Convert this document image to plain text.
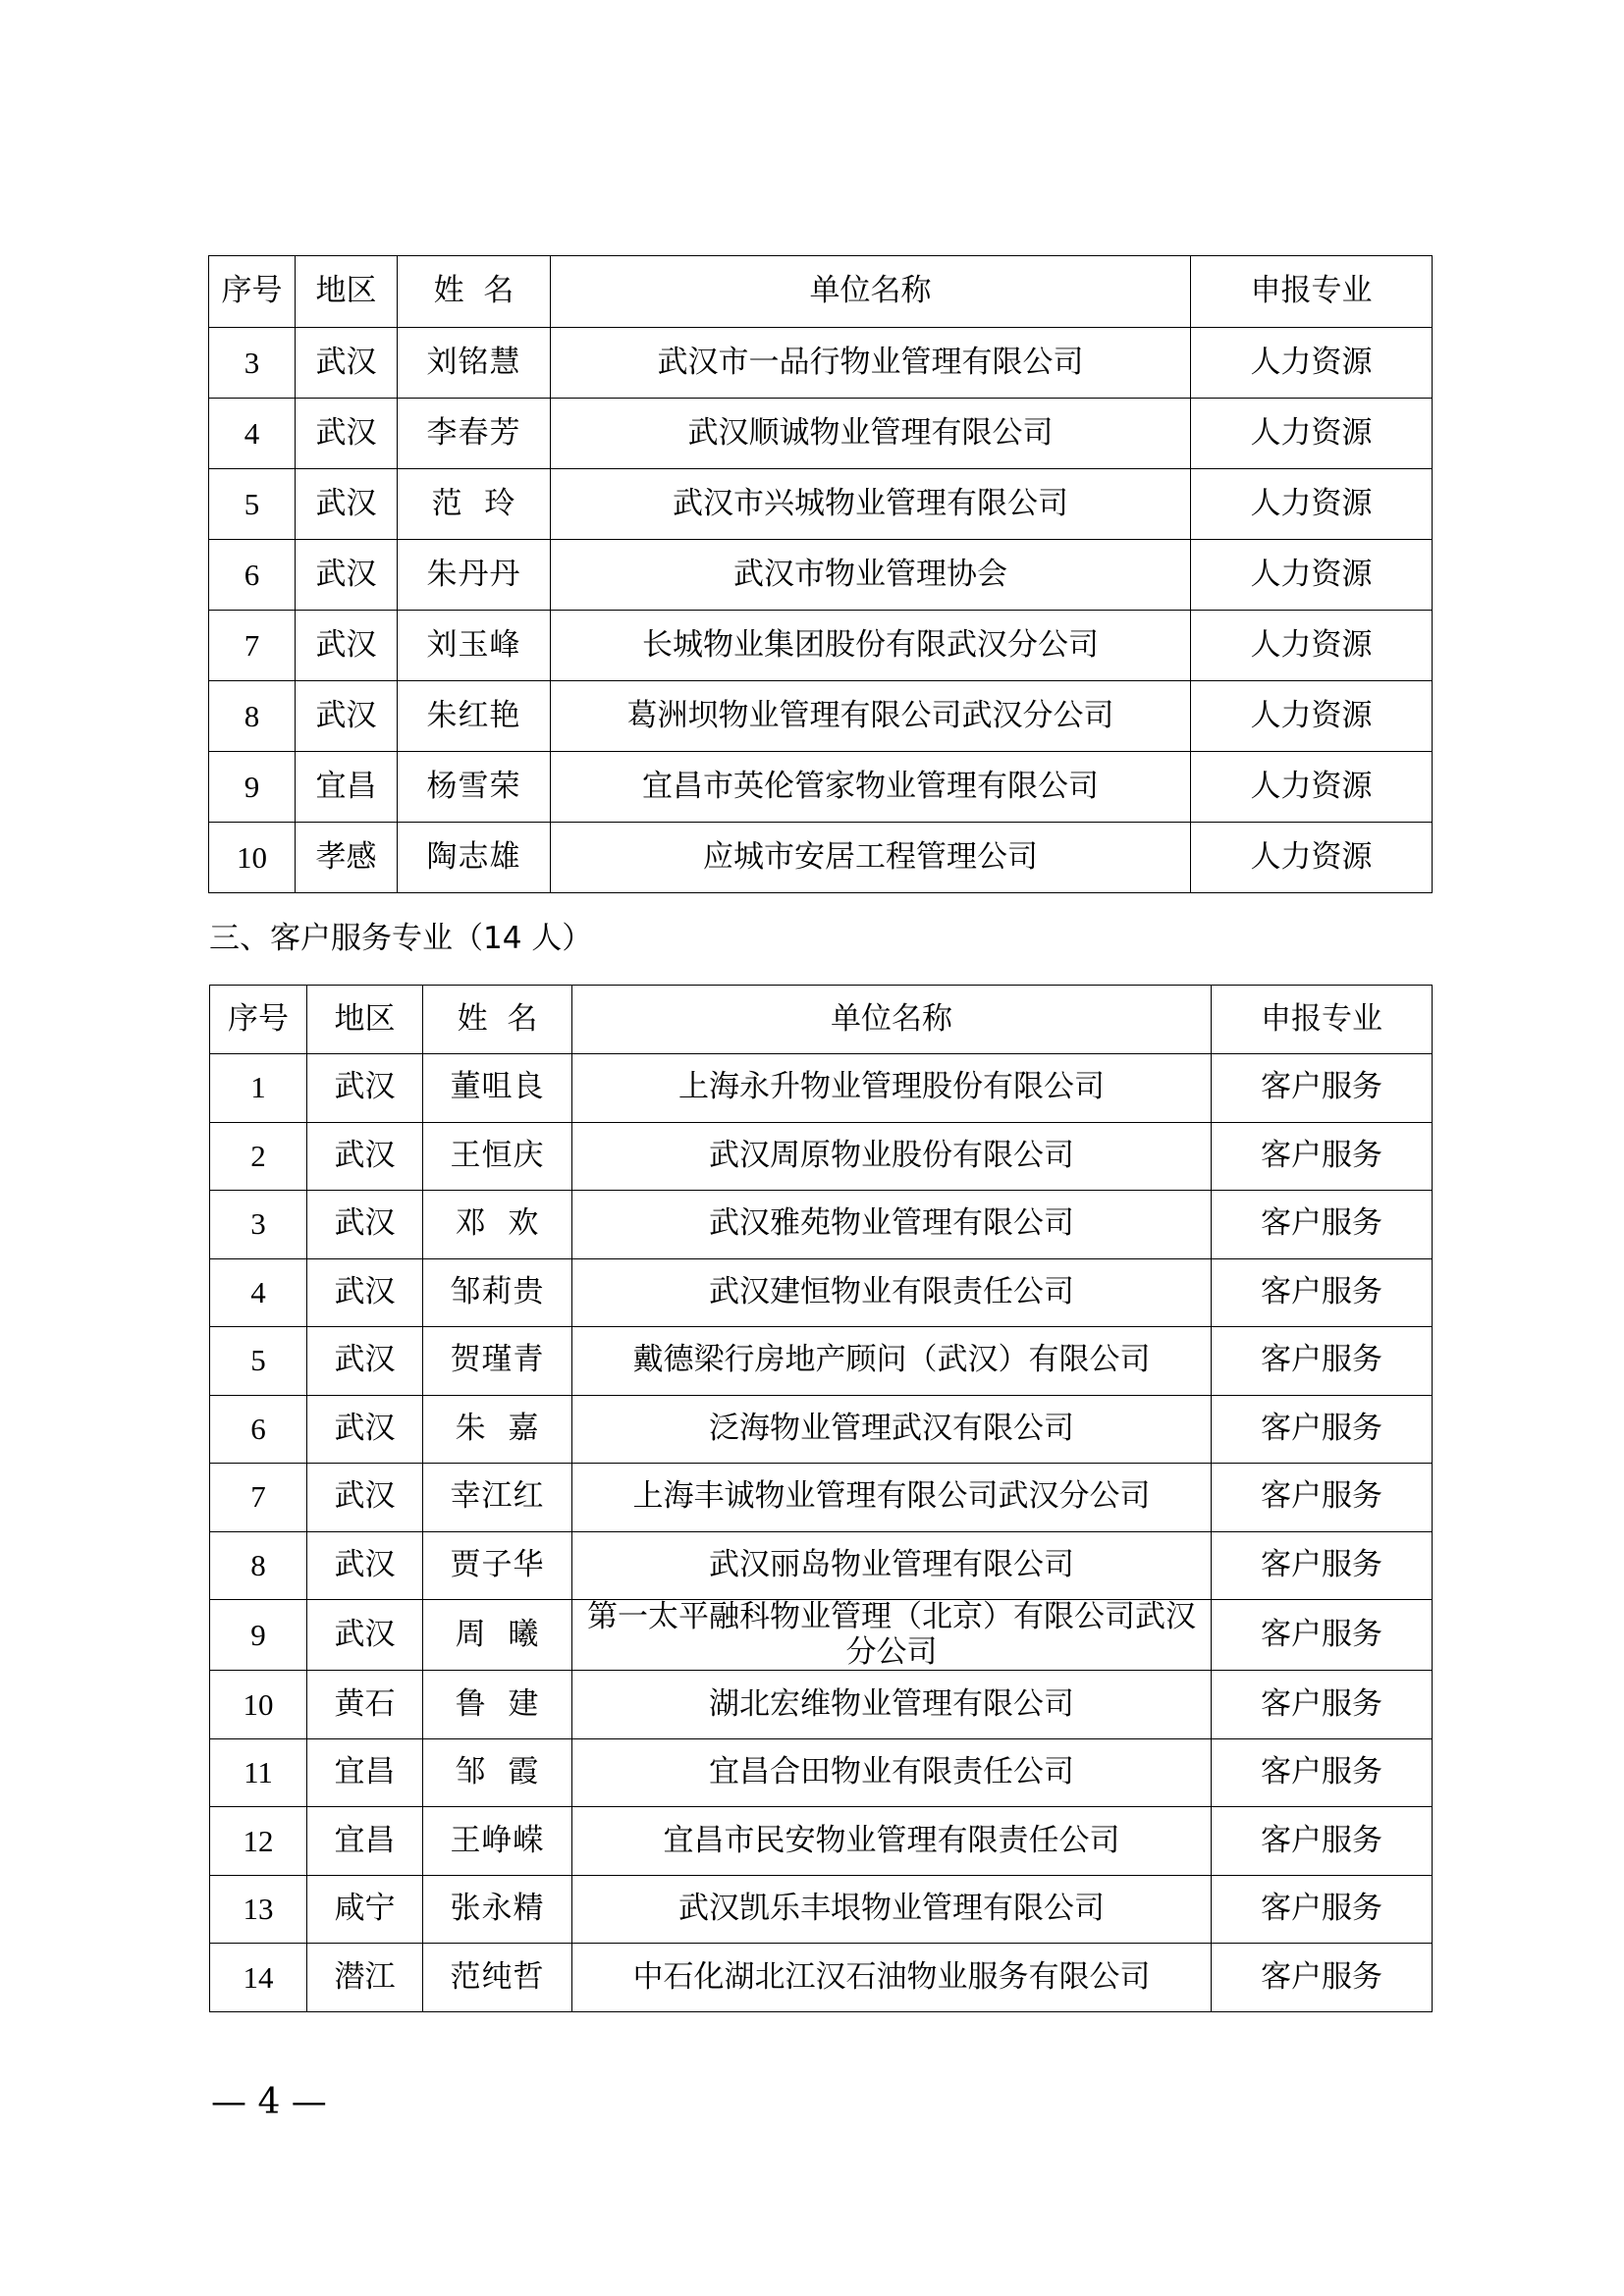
序号	地区	姓  名	单位名称	申报专业
3	武汉	刘铭慧	武汉市一品行物业管理有限公司	人力资源
4	武汉	李春芳	武汉顺诚物业管理有限公司	人力资源
5	武汉	范  玲	武汉市兴城物业管理有限公司	人力资源
6	武汉	朱丹丹	武汉市物业管理协会	人力资源
7	武汉	刘玉峰	长城物业集团股份有限武汉分公司	人力资源
8	武汉	朱红艳	葛洲坝物业管理有限公司武汉分公司	人力资源
9	宜昌	杨雪荣	宜昌市英伦管家物业管理有限公司	人力资源
10	孝感	陶志雄	应城市安居工程管理公司	人力资源
三、客户服务专业（14 人）
序号	地区	姓  名	单位名称	申报专业
1	武汉	董咀良	上海永升物业管理股份有限公司	客户服务
2	武汉	王恒庆	武汉周原物业股份有限公司	客户服务
3	武汉	邓  欢	武汉雅苑物业管理有限公司	客户服务
4	武汉	邹莉贵	武汉建恒物业有限责任公司	客户服务
5	武汉	贺瑾青	戴德梁行房地产顾问（武汉）有限公司	客户服务
6	武汉	朱  嘉	泛海物业管理武汉有限公司	客户服务
7	武汉	幸江红	上海丰诚物业管理有限公司武汉分公司	客户服务
8	武汉	贾子华	武汉丽岛物业管理有限公司	客户服务
9	武汉	周  曦	第一太平融科物业管理（北京）有限公司武汉分公司	客户服务
10	黄石	鲁  建	湖北宏维物业管理有限公司	客户服务
11	宜昌	邹  霞	宜昌合田物业有限责任公司	客户服务
12	宜昌	王峥嵘	宜昌市民安物业管理有限责任公司	客户服务
13	咸宁	张永精	武汉凯乐丰垠物业管理有限公司	客户服务
14	潜江	范纯哲	中石化湖北江汉石油物业服务有限公司	客户服务
— 4 —
